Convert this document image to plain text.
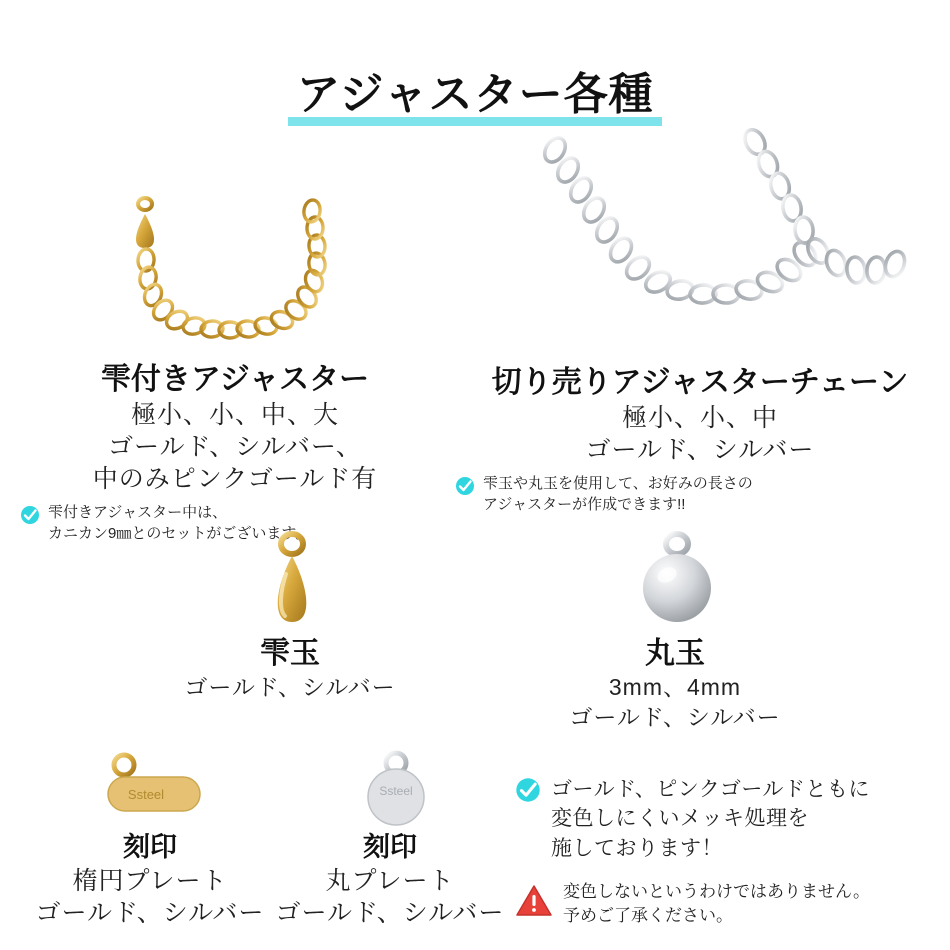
アジャスター各種
雫付きアジャスター
極小、小、中、大
ゴールド、シルバー、
中のみピンクゴールド有
雫付きアジャスター中は、
カニカン9㎜とのセットがございます。
切り売りアジャスターチェーン
極小、小、中
ゴールド、シルバー
雫玉や丸玉を使用して、お好みの長さの
アジャスターが作成できます!!
雫玉
ゴールド、シルバー
丸玉
3mm、4mm
ゴールド、シルバー
Ssteel
刻印
楕円プレート
ゴールド、シルバー
Ssteel
刻印
丸プレート
ゴールド、シルバー
ゴールド、ピンクゴールドともに
変色しにくいメッキ処理を
施しております！
変色しないというわけではありません。
予めご了承ください。
